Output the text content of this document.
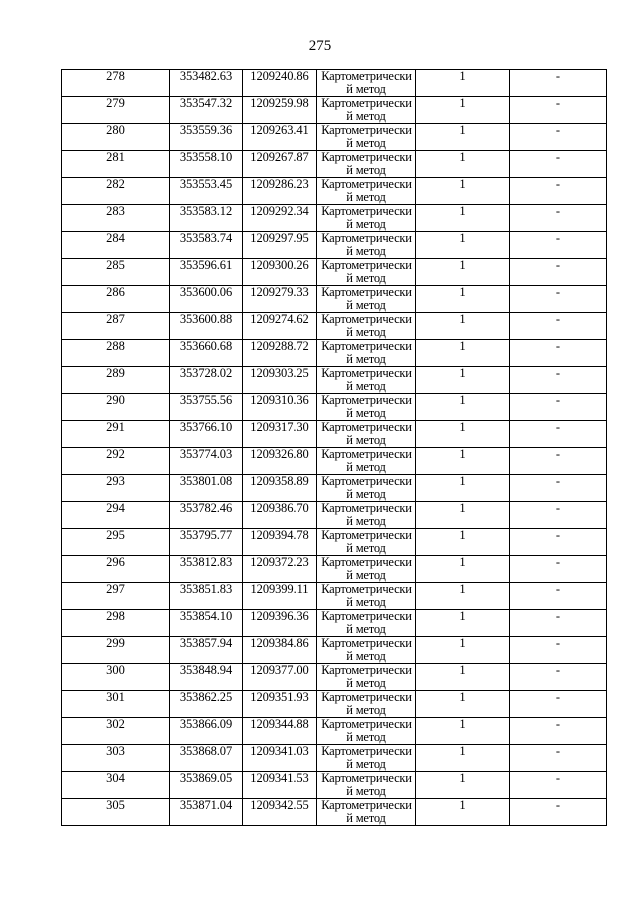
275
278	353482.63	1209240.86	Картометрически
й метод	1	-
279	353547.32	1209259.98	Картометрически
й метод	1	-
280	353559.36	1209263.41	Картометрически
й метод	1	-
281	353558.10	1209267.87	Картометрически
й метод	1	-
282	353553.45	1209286.23	Картометрически
й метод	1	-
283	353583.12	1209292.34	Картометрически
й метод	1	-
284	353583.74	1209297.95	Картометрически
й метод	1	-
285	353596.61	1209300.26	Картометрически
й метод	1	-
286	353600.06	1209279.33	Картометрически
й метод	1	-
287	353600.88	1209274.62	Картометрически
й метод	1	-
288	353660.68	1209288.72	Картометрически
й метод	1	-
289	353728.02	1209303.25	Картометрически
й метод	1	-
290	353755.56	1209310.36	Картометрически
й метод	1	-
291	353766.10	1209317.30	Картометрически
й метод	1	-
292	353774.03	1209326.80	Картометрически
й метод	1	-
293	353801.08	1209358.89	Картометрически
й метод	1	-
294	353782.46	1209386.70	Картометрически
й метод	1	-
295	353795.77	1209394.78	Картометрически
й метод	1	-
296	353812.83	1209372.23	Картометрически
й метод	1	-
297	353851.83	1209399.11	Картометрически
й метод	1	-
298	353854.10	1209396.36	Картометрически
й метод	1	-
299	353857.94	1209384.86	Картометрически
й метод	1	-
300	353848.94	1209377.00	Картометрически
й метод	1	-
301	353862.25	1209351.93	Картометрически
й метод	1	-
302	353866.09	1209344.88	Картометрически
й метод	1	-
303	353868.07	1209341.03	Картометрически
й метод	1	-
304	353869.05	1209341.53	Картометрически
й метод	1	-
305	353871.04	1209342.55	Картометрически
й метод	1	-
